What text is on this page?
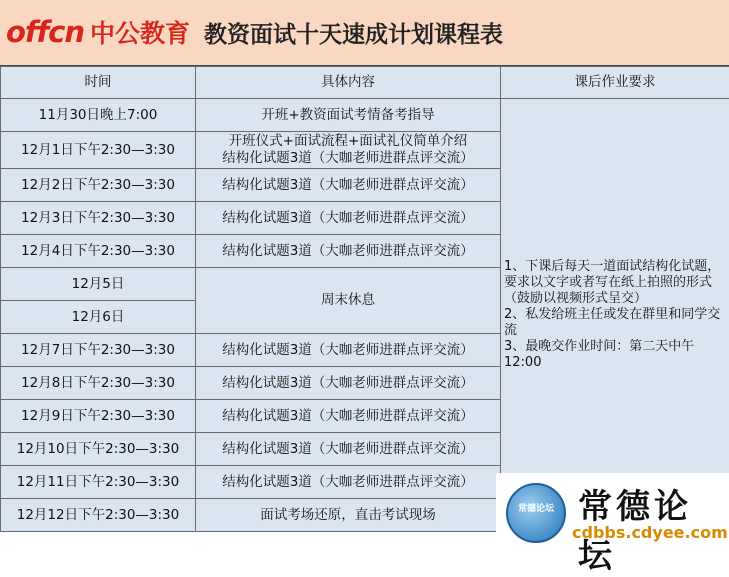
offcn 中公教育 教资面试十天速成计划课程表
时间	具体内容	课后作业要求
11月30日晚上7:00	开班+教资面试考情备考指导	1、下课后每天一道面试结构化试题，要求以文字或者写在纸上拍照的形式（鼓励以视频形式呈交）
2、私发给班主任或发在群里和同学交流
3、最晚交作业时间：第二天中午12:00

12月1日下午2:30—3:30	开班仪式+面试流程+面试礼仪简单介绍
结构化试题3道（大咖老师进群点评交流）	

12月2日下午2:30—3:30	结构化试题3道（大咖老师进群点评交流）	
12月3日下午2:30—3:30	结构化试题3道（大咖老师进群点评交流）	
12月4日下午2:30—3:30	结构化试题3道（大咖老师进群点评交流）	
12月5日	周末休息	
12月6日		
12月7日下午2:30—3:30	结构化试题3道（大咖老师进群点评交流）	
12月8日下午2:30—3:30	结构化试题3道（大咖老师进群点评交流）	
12月9日下午2:30—3:30	结构化试题3道（大咖老师进群点评交流）	
12月10日下午2:30—3:30	结构化试题3道（大咖老师进群点评交流）	
12月11日下午2:30—3:30	结构化试题3道（大咖老师进群点评交流）	
12月12日下午2:30—3:30	面试考场还原，直击考试现场		常德论坛 常德论坛
cdbbs.cdyee.com
